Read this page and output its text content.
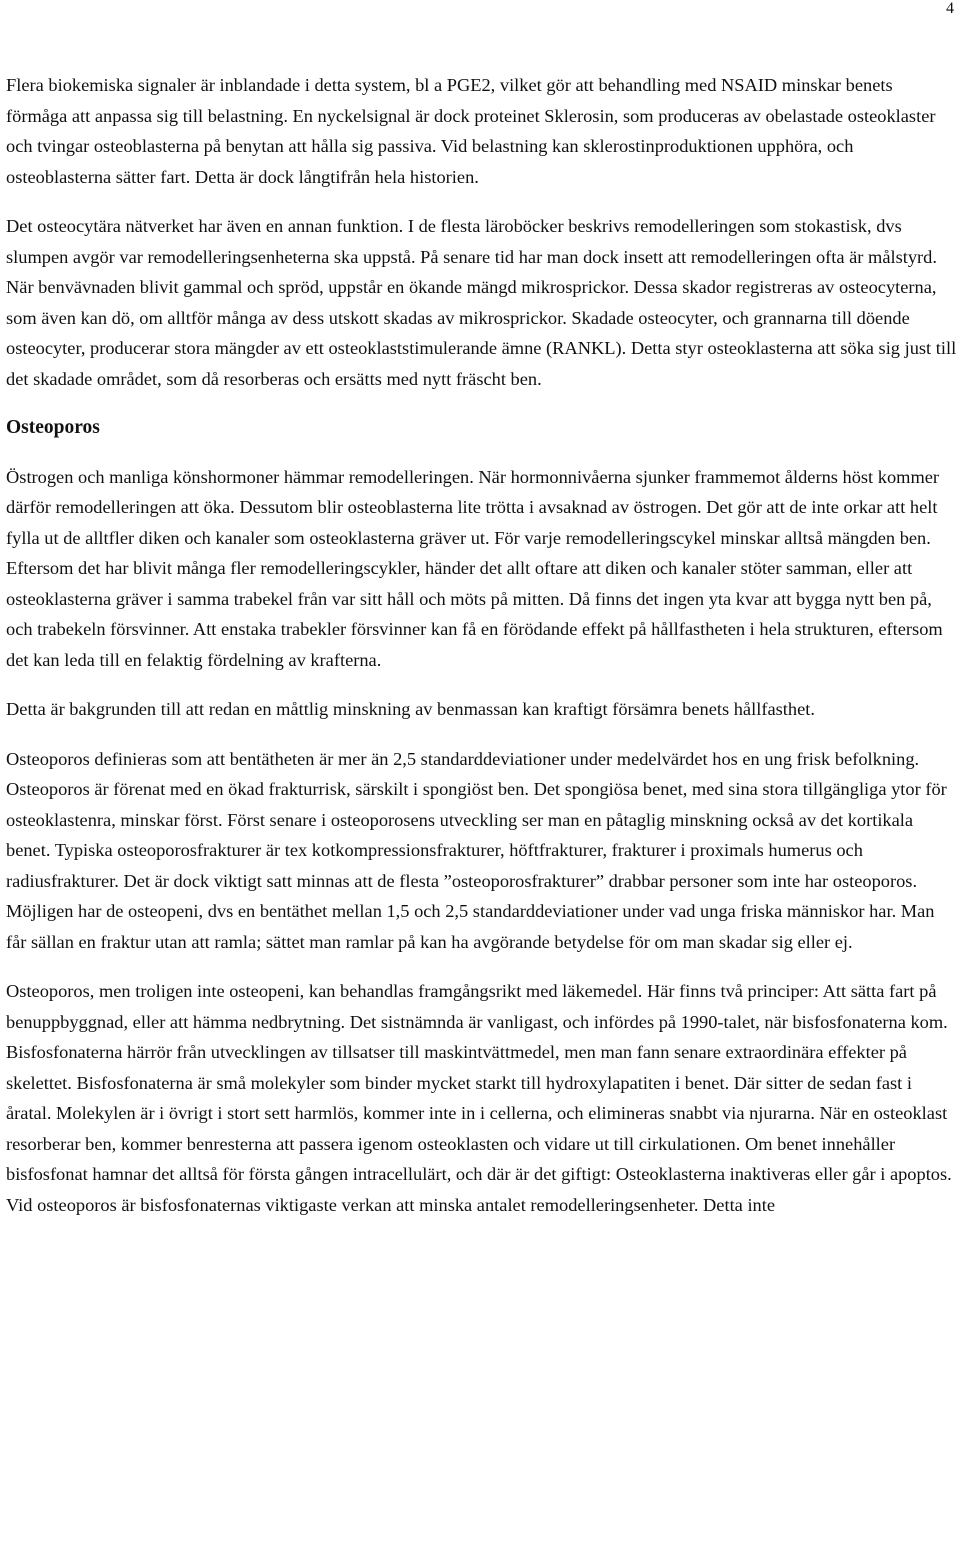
4

Flera biokemiska signaler är inblandade i detta system, bl a PGE2, vilket gör att behandling med NSAID minskar benets förmåga att anpassa sig till belastning. En nyckelsignal är dock proteinet Sklerosin, som produceras av obelastade osteoklaster och tvingar osteoblasterna på benytan att hålla sig passiva. Vid belastning kan sklerostinproduktionen upphöra, och osteoblasterna sätter fart. Detta är dock långtifrån hela historien.

Det osteocytära nätverket har även en annan funktion. I de flesta läroböcker beskrivs remodelleringen som stokastisk, dvs slumpen avgör var remodelleringsenheterna ska uppstå. På senare tid har man dock insett att remodelleringen ofta är målstyrd. När benvävnaden blivit gammal och spröd, uppstår en ökande mängd mikrosprickor. Dessa skador registreras av osteocyterna, som även kan dö, om alltför många av dess utskott skadas av mikrosprickor. Skadade osteocyter, och grannarna till döende osteocyter, producerar stora mängder av ett osteoklaststimulerande ämne (RANKL). Detta styr osteoklasterna att söka sig just till det skadade området, som då resorberas och ersätts med nytt fräscht ben.

Osteoporos

Östrogen och manliga könshormoner hämmar remodelleringen. När hormonnivåerna sjunker frammemot ålderns höst kommer därför remodelleringen att öka. Dessutom blir osteoblasterna lite trötta i avsaknad av östrogen. Det gör att de inte orkar att helt fylla ut de alltfler diken och kanaler som osteoklasterna gräver ut. För varje remodelleringscykel minskar alltså mängden ben. Eftersom det har blivit många fler remodelleringscykler, händer det allt oftare att diken och kanaler stöter samman, eller att osteoklasterna gräver i samma trabekel från var sitt håll och möts på mitten. Då finns det ingen yta kvar att bygga nytt ben på, och trabekeln försvinner. Att enstaka trabekler försvinner kan få en förödande effekt på hållfastheten i hela strukturen, eftersom det kan leda till en felaktig fördelning av krafterna.

Detta är bakgrunden till att redan en måttlig minskning av benmassan kan kraftigt försämra benets hållfasthet.

Osteoporos definieras som att bentätheten är mer än 2,5 standarddeviationer under medelvärdet hos en ung frisk befolkning. Osteoporos är förenat med en ökad frakturrisk, särskilt i spongiöst ben. Det spongiösa benet, med sina stora tillgängliga ytor för osteoklastenra, minskar först. Först senare i osteoporosens utveckling ser man en påtaglig minskning också av det kortikala benet. Typiska osteoporosfrakturer är tex kotkompressionsfrakturer, höftfrakturer, frakturer i proximals humerus och radiusfrakturer. Det är dock viktigt satt minnas att de flesta ”osteoporosfrakturer” drabbar personer som inte har osteoporos. Möjligen har de osteopeni, dvs en bentäthet mellan 1,5 och 2,5 standarddeviationer under vad unga friska människor har. Man får sällan en fraktur utan att ramla; sättet man ramlar på kan ha avgörande betydelse för om man skadar sig eller ej.

Osteoporos, men troligen inte osteopeni, kan behandlas framgångsrikt med läkemedel. Här finns två principer: Att sätta fart på benuppbyggnad, eller att hämma nedbrytning. Det sistnämnda är vanligast, och infördes på 1990-talet, när bisfosfonaterna kom. Bisfosfonaterna härrör från utvecklingen av tillsatser till maskintvättmedel, men man fann senare extraordinära effekter på skelettet. Bisfosfonaterna är små molekyler som binder mycket starkt till hydroxylapatiten i benet. Där sitter de sedan fast i åratal. Molekylen är i övrigt i stort sett harmlös, kommer inte in i cellerna, och elimineras snabbt via njurarna. När en osteoklast resorberar ben, kommer benresterna att passera igenom osteoklasten och vidare ut till cirkulationen. Om benet innehåller bisfosfonat hamnar det alltså för första gången intracellulärt, och där är det giftigt: Osteoklasterna inaktiveras eller går i apoptos. Vid osteoporos är bisfosfonaternas viktigaste verkan att minska antalet remodelleringsenheter. Detta inte
